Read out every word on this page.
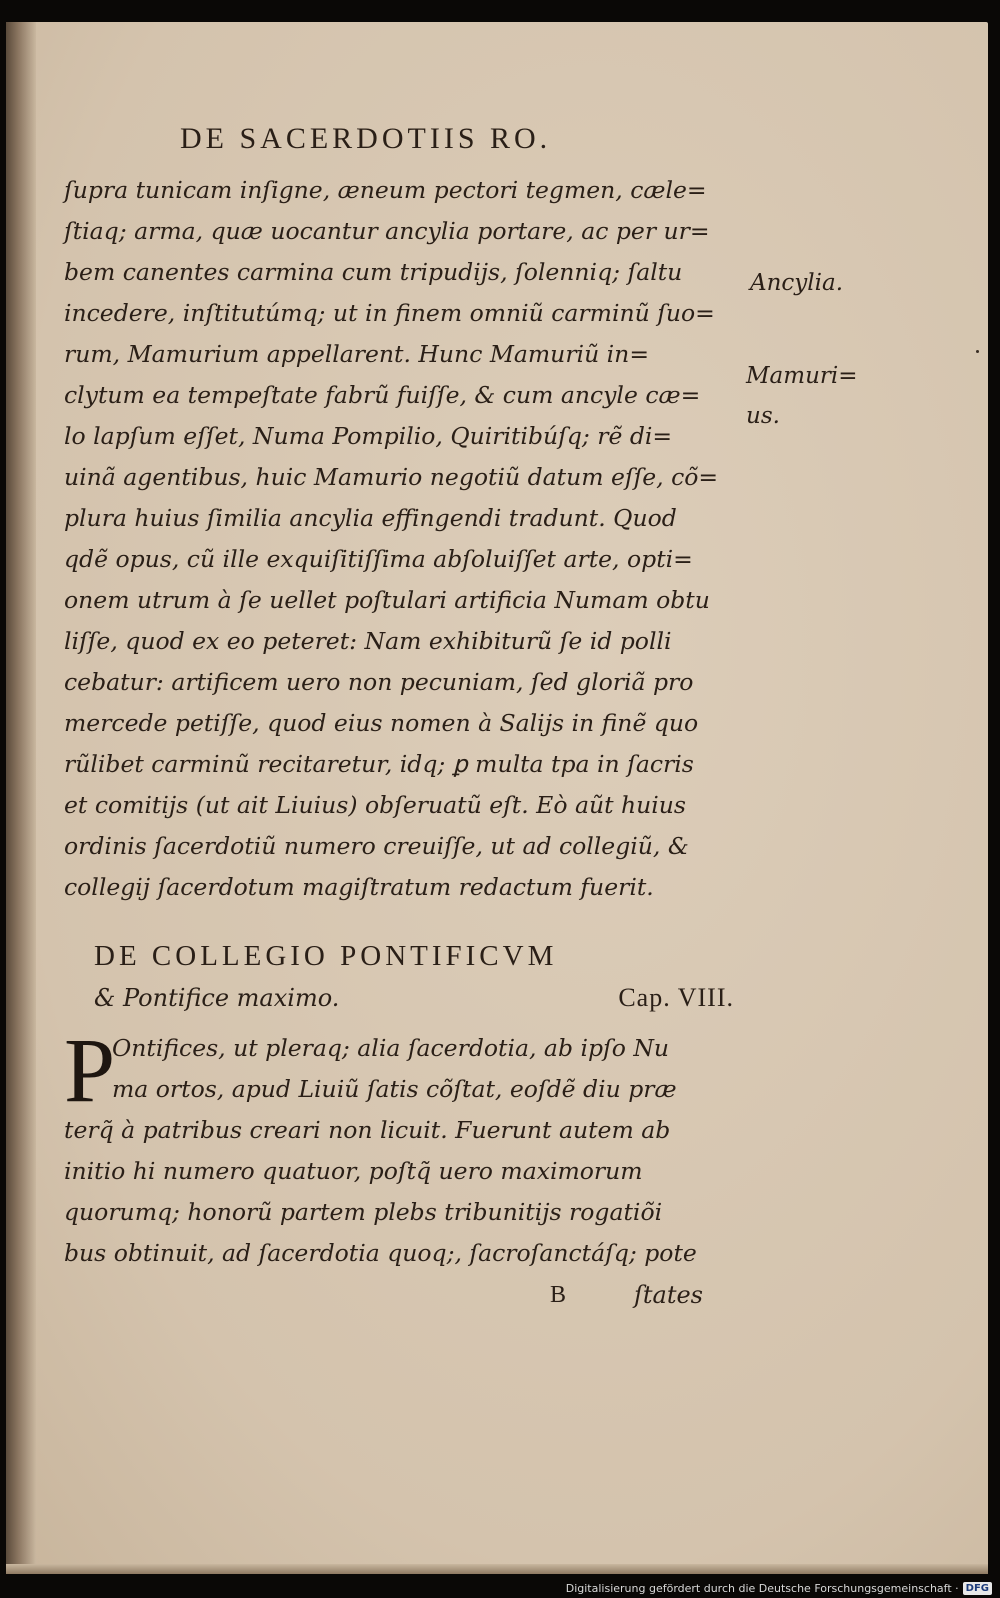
DE SACERDOTIIS RO.
ſupra tunicam inſigne, æneum pectori tegmen, cæle=
ſtiaq; arma, quæ uocantur ancylia portare, ac per ur=
bem canentes carmina cum tripudijs, ſolenniq; ſaltu
incedere, inſtitutúmq; ut in finem omniũ carminũ ſuo=
rum, Mamurium appellarent. Hunc Mamuriũ in=
clytum ea tempeſtate fabrũ fuiſſe, & cum ancyle cæ=
lo lapſum eſſet, Numa Pompilio, Quiritibúſq; rẽ di=
uinã agentibus, huic Mamurio negotiũ datum eſſe, cõ=
plura huius ſimilia ancylia effingendi tradunt. Quod
qdẽ opus, cũ ille exquiſitiſſima abſoluiſſet arte, opti=
onem utrum à ſe uellet poſtulari artificia Numam obtu
liſſe, quod ex eo peteret: Nam exhibiturũ ſe id polli
cebatur: artificem uero non pecuniam, ſed gloriã pro
mercede petiſſe, quod eius nomen à Salijs in finẽ quo
rũlibet carminũ recitaretur, idq; ꝑ multa tpa in ſacris
et comitijs (ut ait Liuius) obſeruatũ eſt. Eò aũt huius
ordinis ſacerdotiũ numero creuiſſe, ut ad collegiũ, &
collegij ſacerdotum magiſtratum redactum fuerit.
DE COLLEGIO PONTIFICVM
& Pontifice maximo.	Cap. VIII.
P
Ontifices, ut pleraq; alia ſacerdotia, ab ipſo Nu
ma ortos, apud Liuiũ ſatis cõſtat, eoſdẽ diu præ
terq̃ à patribus creari non licuit. Fuerunt autem ab
initio hi numero quatuor, poſtq̃ uero maximorum
quorumq; honorũ partem plebs tribunitijs rogatiõi
bus obtinuit, ad ſacerdotia quoq;, ſacroſanctáſq; pote
B	ſtates
Ancylia.
Mamuri=
us.
Digitalisierung gefördert durch die Deutsche Forschungsgemeinschaft · DFG
